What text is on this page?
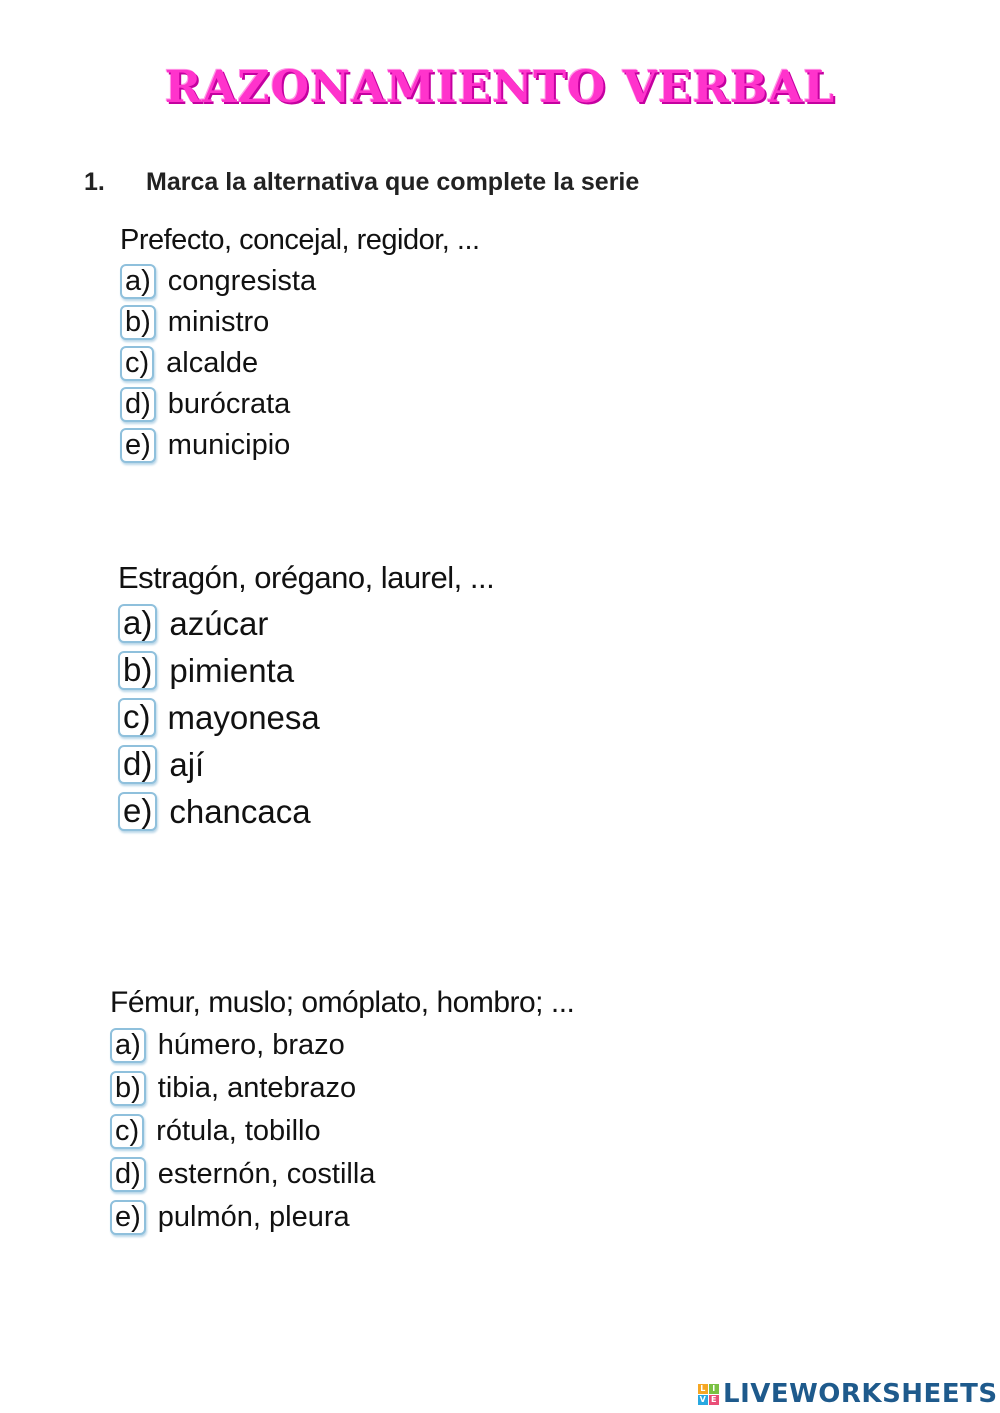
RAZONAMIENTO VERBAL
1. Marca la alternativa que complete la serie
Prefecto, concejal, regidor, ...
a) congresista
b) ministro
c) alcalde
d) burócrata
e) municipio
Estragón, orégano, laurel, ...
a) azúcar
b) pimienta
c) mayonesa
d) ají
e) chancaca
Fémur, muslo; omóplato, hombro; ...
a) húmero, brazo
b) tibia, antebrazo
c) rótula, tobillo
d) esternón, costilla
e) pulmón, pleura
L I
V E LIVEWORKSHEETS
